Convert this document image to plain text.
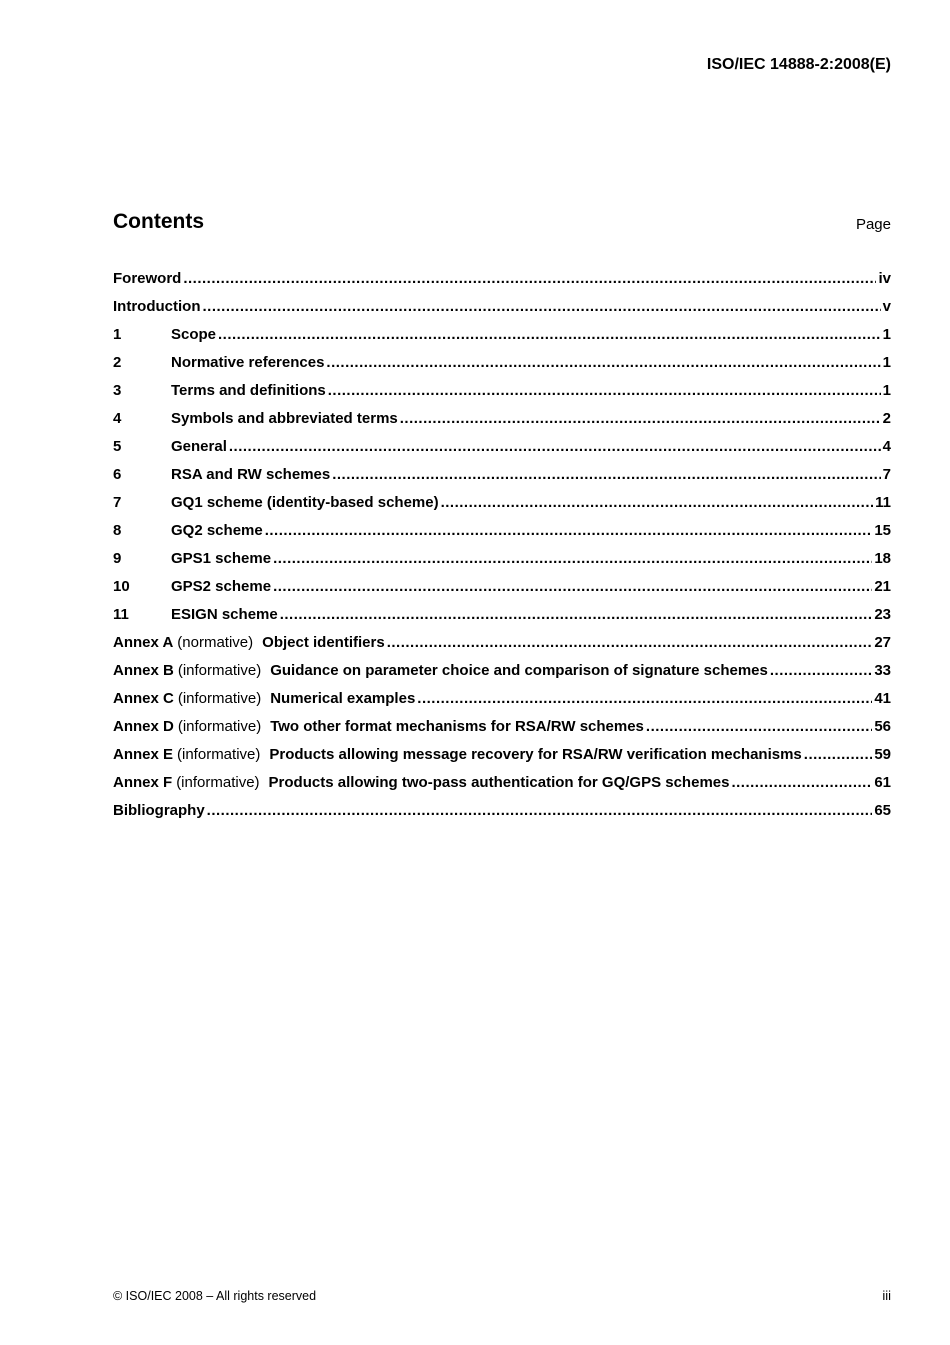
ISO/IEC 14888-2:2008(E)
Contents	Page
Foreword .....	iv
Introduction .....	v
1	Scope .....	1
2	Normative references .....	1
3	Terms and definitions .....	1
4	Symbols and abbreviated terms .....	2
5	General .....	4
6	RSA and RW schemes .....	7
7	GQ1 scheme (identity-based scheme) .....	11
8	GQ2 scheme .....	15
9	GPS1 scheme .....	18
10	GPS2 scheme .....	21
11	ESIGN scheme .....	23
Annex A (normative) Object identifiers .....	27
Annex B (informative) Guidance on parameter choice and comparison of signature schemes .....	33
Annex C (informative) Numerical examples .....	41
Annex D (informative) Two other format mechanisms for RSA/RW schemes .....	56
Annex E (informative) Products allowing message recovery for RSA/RW verification mechanisms .....	59
Annex F (informative) Products allowing two-pass authentication for GQ/GPS schemes .....	61
Bibliography .....	65
© ISO/IEC 2008 – All rights reserved	iii
